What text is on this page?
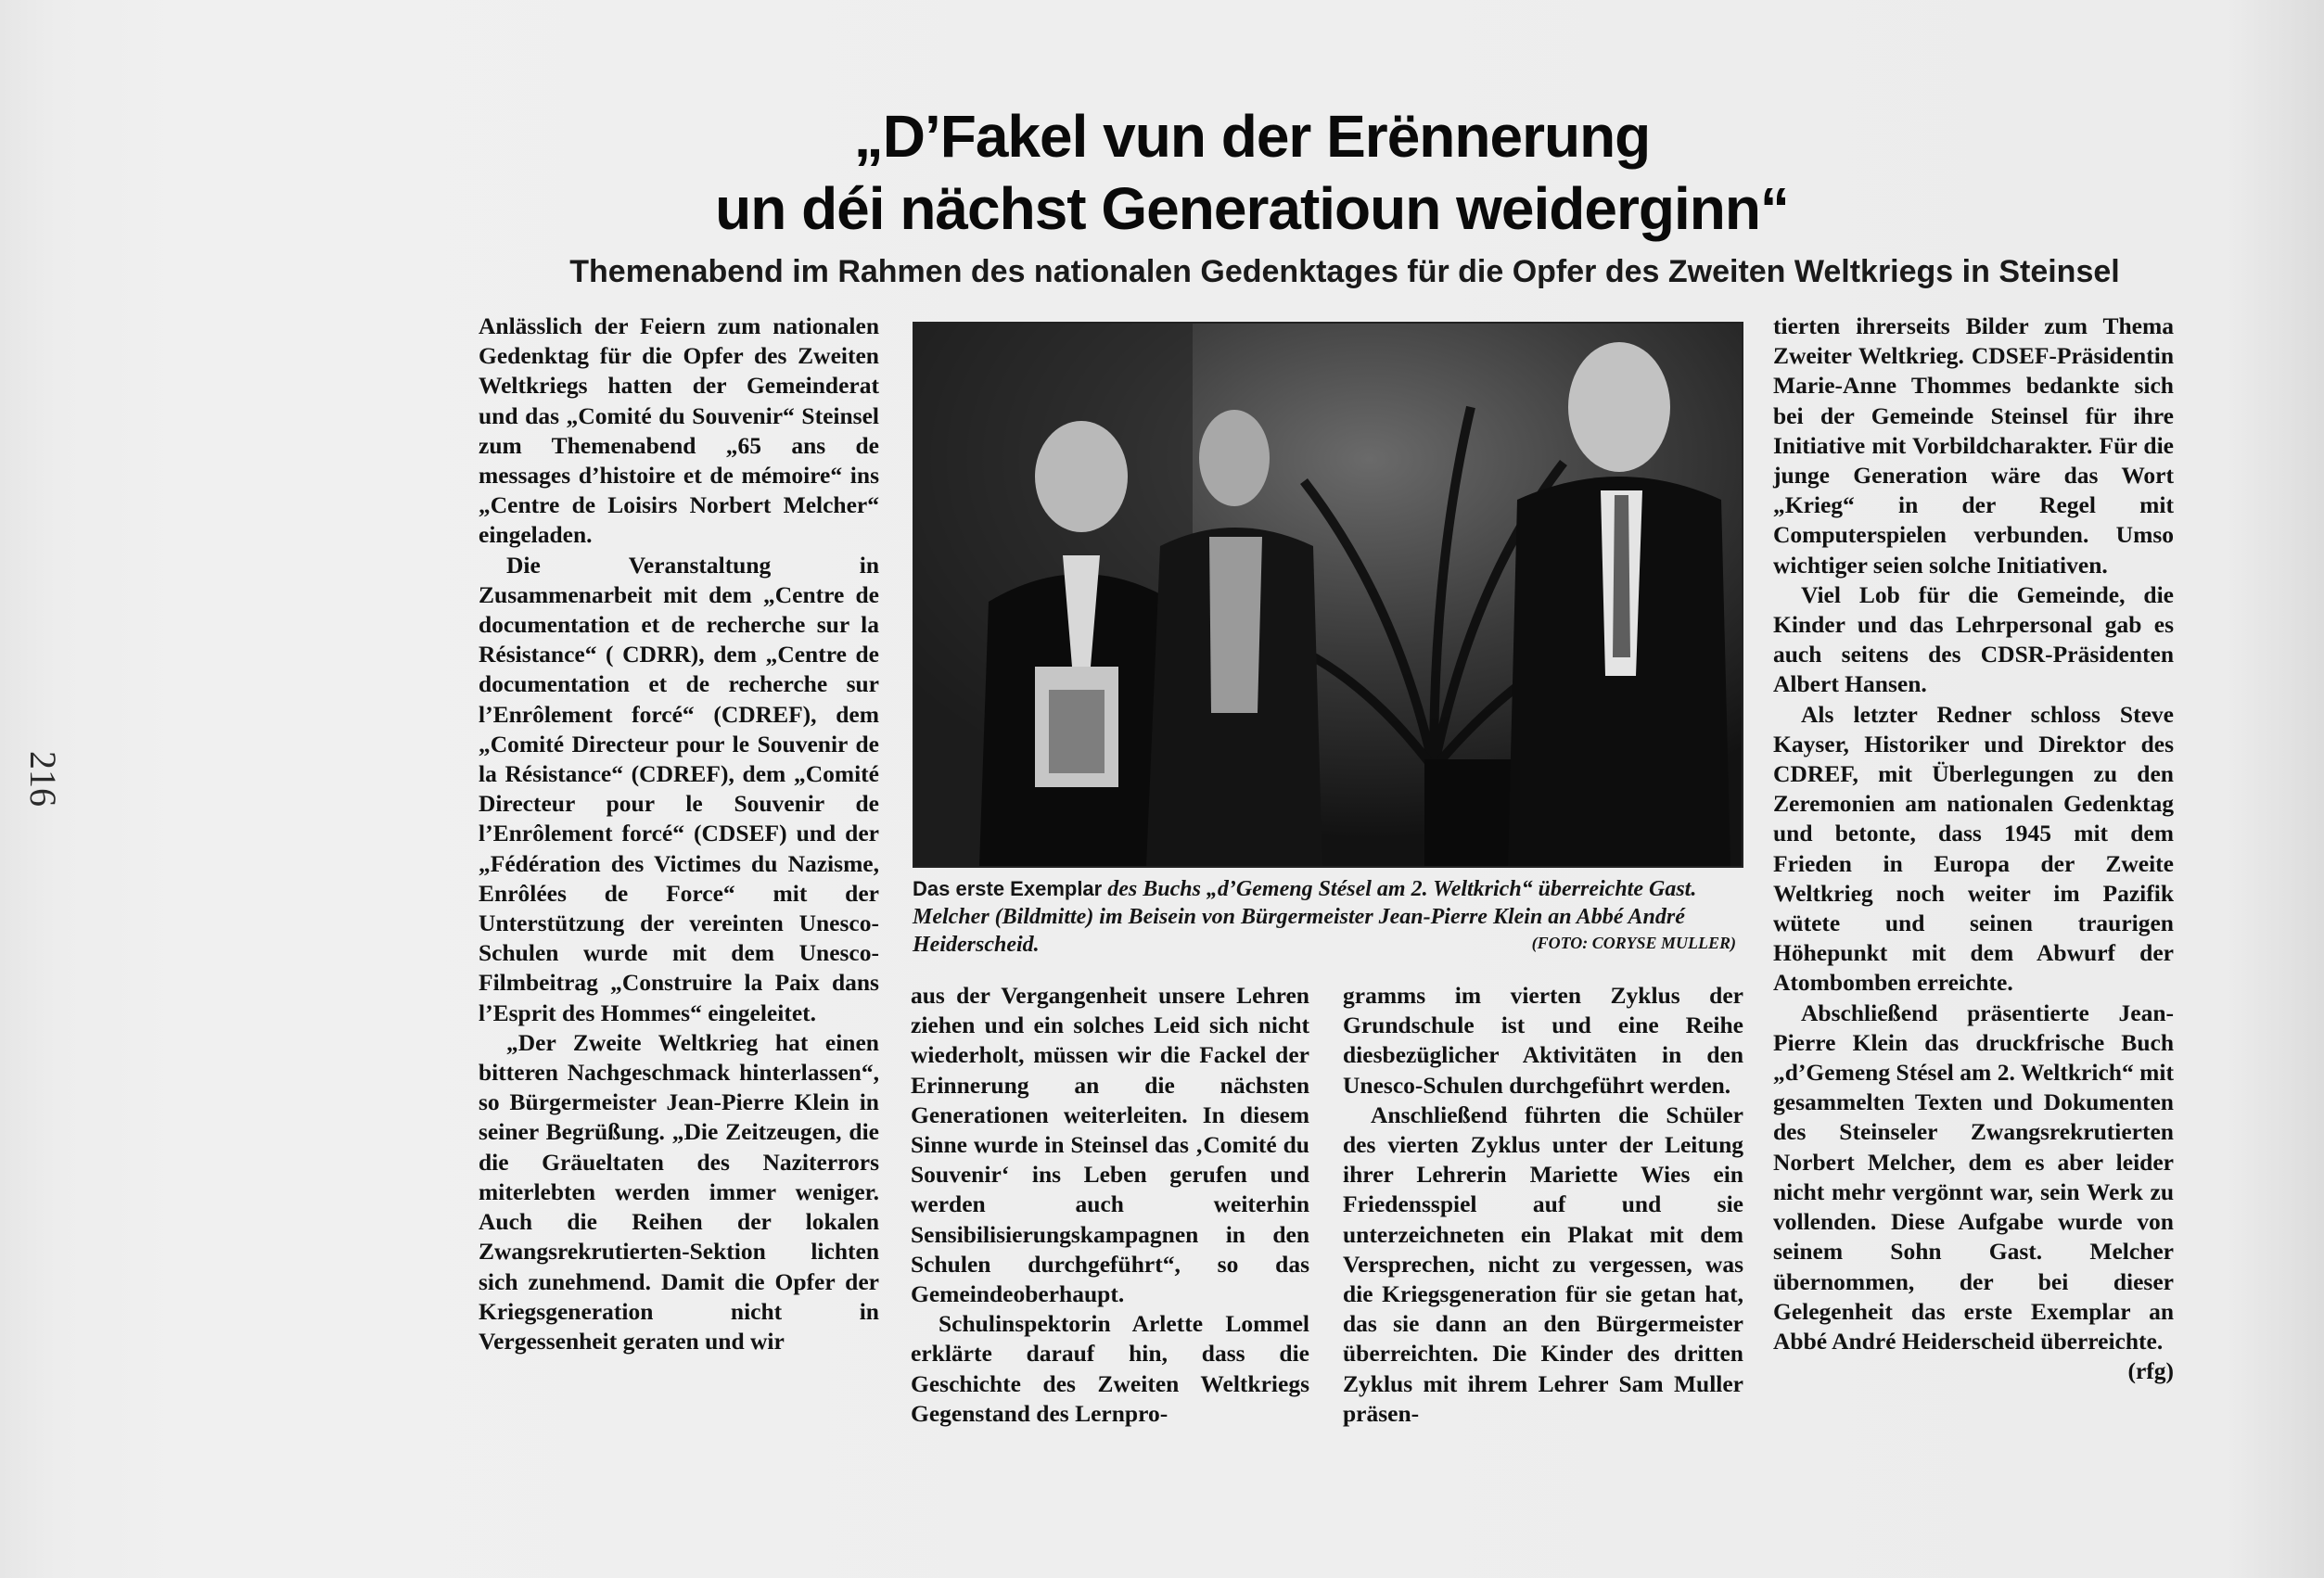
216
„D’Fakel vun der Erënnerung
un déi nächst Generatioun weiderginn“
Themenabend im Rahmen des nationalen Gedenktages für die Opfer des Zweiten Weltkriegs in Steinsel

Anlässlich der Feiern zum nationalen Gedenktag für die Opfer des Zweiten Weltkriegs hatten der Gemeinderat und das „Comité du Souvenir“ Steinsel zum Themenabend „65 ans de messages d’histoire et de mémoire“ ins „Centre de Loisirs Norbert Melcher“ eingeladen.

Die Veranstaltung in Zusammenarbeit mit dem „Centre de documentation et de recherche sur la Résistance“ ( CDRR), dem „Centre de documentation et de recherche sur l’Enrôlement forcé“ (CDREF), dem „Comité Directeur pour le Souvenir de la Résistance“ (CDREF), dem „Comité Directeur pour le Souvenir de l’Enrôlement forcé“ (CDSEF) und der „Fédération des Victimes du Nazisme, Enrôlées de Force“ mit der Unterstützung der vereinten Unesco-Schulen wurde mit dem Unesco-Filmbeitrag „Construire la Paix dans l’Esprit des Hommes“ eingeleitet.

„Der Zweite Weltkrieg hat einen bitteren Nachgeschmack hinterlassen“, so Bürgermeister Jean-Pierre Klein in seiner Begrüßung. „Die Zeitzeugen, die die Gräueltaten des Naziterrors miterlebten werden immer weniger. Auch die Reihen der lokalen Zwangsrekrutierten-Sektion lichten sich zunehmend. Damit die Opfer der Kriegsgeneration nicht in Vergessenheit geraten und wir

Das erste Exemplar des Buchs „d’Gemeng Stésel am 2. Weltkrich“ überreichte Gast. Melcher (Bildmitte) im Beisein von Bürgermeister Jean-Pierre Klein an Abbé André Heiderscheid.	(FOTO: CORYSE MULLER)

aus der Vergangenheit unsere Lehren ziehen und ein solches Leid sich nicht wiederholt, müssen wir die Fackel der Erinnerung an die nächsten Generationen weiterleiten. In diesem Sinne wurde in Steinsel das ‚Comité du Souvenir‘ ins Leben gerufen und werden auch weiterhin Sensibilisierungskampagnen in den Schulen durchgeführt“, so das Gemeindeoberhaupt.

Schulinspektorin Arlette Lommel erklärte darauf hin, dass die Geschichte des Zweiten Weltkriegs Gegenstand des Lernpro-

gramms im vierten Zyklus der Grundschule ist und eine Reihe diesbezüglicher Aktivitäten in den Unesco-Schulen durchgeführt werden.

Anschließend führten die Schüler des vierten Zyklus unter der Leitung ihrer Lehrerin Mariette Wies ein Friedensspiel auf und sie unterzeichneten ein Plakat mit dem Versprechen, nicht zu vergessen, was die Kriegsgeneration für sie getan hat, das sie dann an den Bürgermeister überreichten. Die Kinder des dritten Zyklus mit ihrem Lehrer Sam Muller präsen-

tierten ihrerseits Bilder zum Thema Zweiter Weltkrieg. CDSEF-Präsidentin Marie-Anne Thommes bedankte sich bei der Gemeinde Steinsel für ihre Initiative mit Vorbildcharakter. Für die junge Generation wäre das Wort „Krieg“ in der Regel mit Computerspielen verbunden. Umso wichtiger seien solche Initiativen.

Viel Lob für die Gemeinde, die Kinder und das Lehrpersonal gab es auch seitens des CDSR-Präsidenten Albert Hansen.

Als letzter Redner schloss Steve Kayser, Historiker und Direktor des CDREF, mit Überlegungen zu den Zeremonien am nationalen Gedenktag und betonte, dass 1945 mit dem Frieden in Europa der Zweite Weltkrieg noch weiter im Pazifik wütete und seinen traurigen Höhepunkt mit dem Abwurf der Atombomben erreichte.

Abschließend präsentierte Jean-Pierre Klein das druckfrische Buch „d’Gemeng Stésel am 2. Weltkrich“ mit gesammelten Texten und Dokumenten des Steinseler Zwangsrekrutierten Norbert Melcher, dem es aber leider nicht mehr vergönnt war, sein Werk zu vollenden. Diese Aufgabe wurde von seinem Sohn Gast. Melcher übernommen, der bei dieser Gelegenheit das erste Exemplar an Abbé André Heiderscheid überreichte.
(rfg)
